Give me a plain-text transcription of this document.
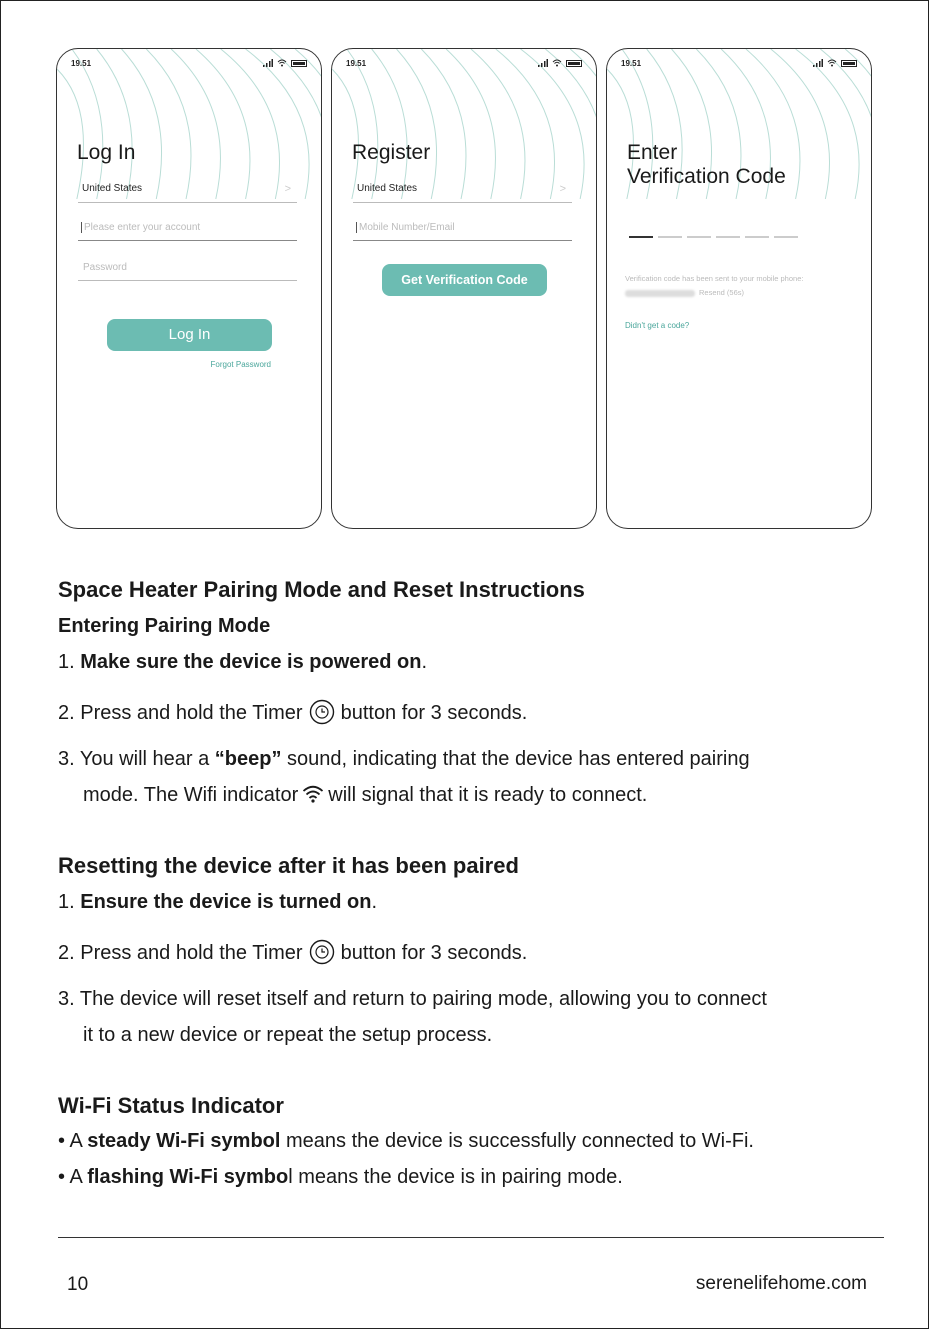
19.51
Log In
United States	>
Please enter your account
Password
Log In
Forgot Password
19.51
Register
United States	>
Mobile Number/Email
Get Verification Code
19.51
Enter
Verification Code
Verification code has been sent to your mobile phone:
Resend (56s)
Didn't get a code?
Space Heater Pairing Mode and Reset Instructions
Entering Pairing Mode
1. Make sure the device is powered on.
2. Press and hold the Timer button for 3 seconds.
3. You will hear a “beep” sound, indicating that the device has entered pairing
mode. The Wifi indicator will signal that it is ready to connect.
Resetting the device after it has been paired
1. Ensure the device is turned on.
2. Press and hold the Timer button for 3 seconds.
3. The device will reset itself and return to pairing mode, allowing you to connect
it to a new device or repeat the setup process.
Wi-Fi Status Indicator
• A steady Wi-Fi symbol means the device is successfully connected to Wi-Fi.
• A flashing Wi-Fi symbol means the device is in pairing mode.
10	serenelifehome.com
